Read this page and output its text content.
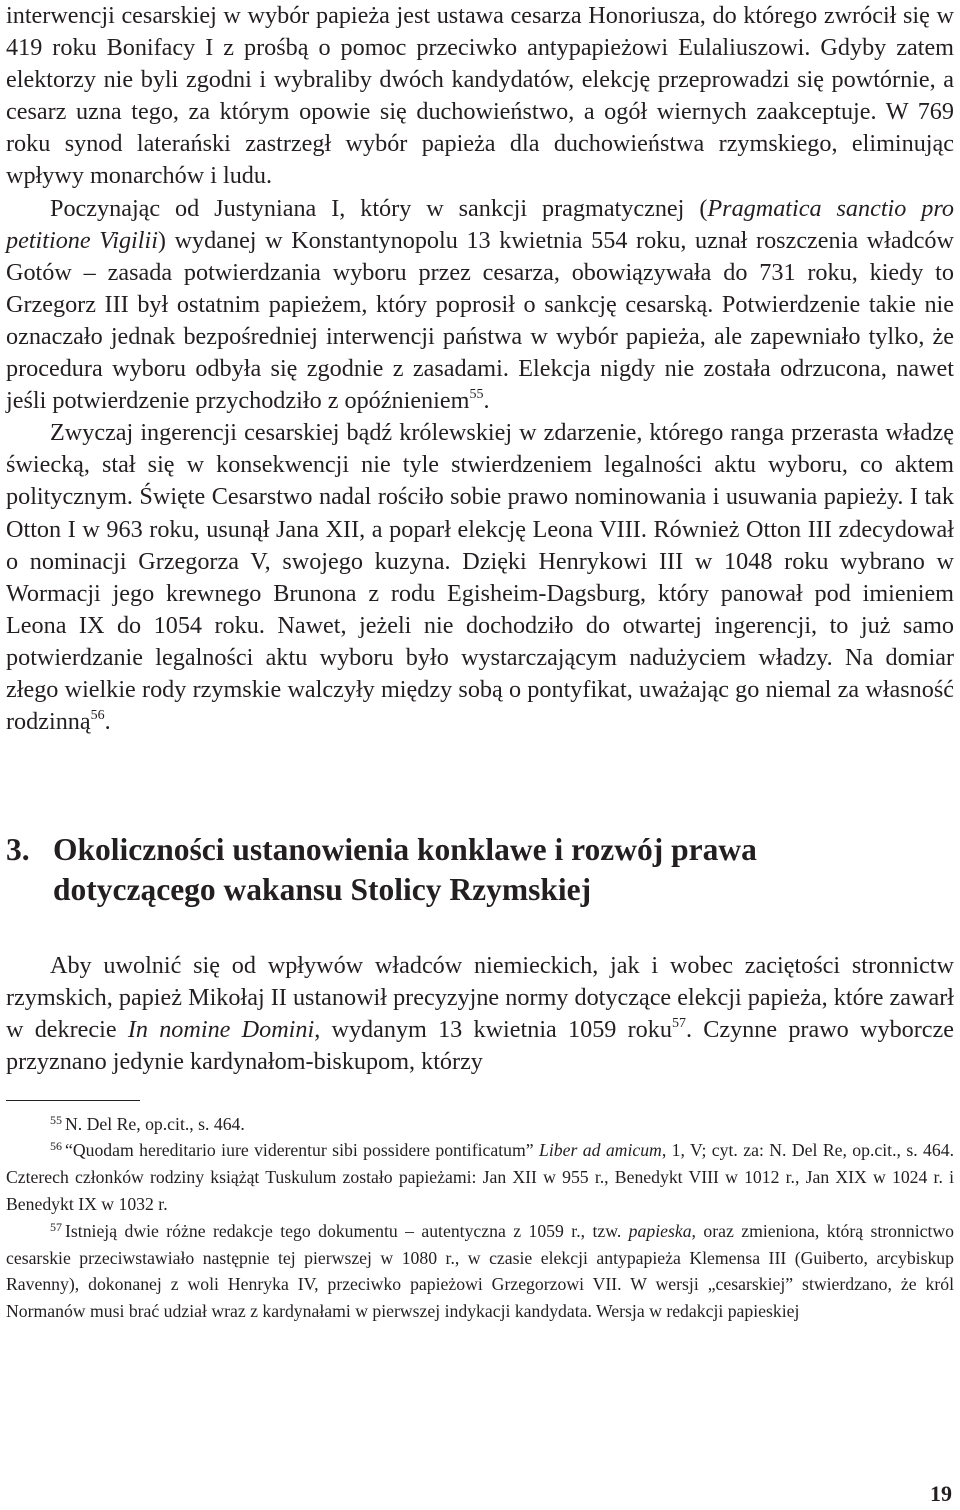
interwencji cesarskiej w wybór papieża jest ustawa cesarza Honoriusza, do którego zwrócił się w 419 roku Bonifacy I z prośbą o pomoc przeciwko antypapieżowi Eulaliuszowi. Gdyby zatem elektorzy nie byli zgodni i wybraliby dwóch kandydatów, elekcję przeprowadzi się powtórnie, a cesarz uzna tego, za którym opowie się duchowieństwo, a ogół wiernych zaakceptuje. W 769 roku synod laterański zastrzegł wybór papieża dla duchowieństwa rzymskiego, eliminując wpływy monarchów i ludu.

Poczynając od Justyniana I, który w sankcji pragmatycznej (Pragmatica sanctio pro petitione Vigilii) wydanej w Konstantynopolu 13 kwietnia 554 roku, uznał roszczenia władców Gotów – zasada potwierdzania wyboru przez cesarza, obowiązywała do 731 roku, kiedy to Grzegorz III był ostatnim papieżem, który poprosił o sankcję cesarską. Potwierdzenie takie nie oznaczało jednak bezpośredniej interwencji państwa w wybór papieża, ale zapewniało tylko, że procedura wyboru odbyła się zgodnie z zasadami. Elekcja nigdy nie została odrzucona, nawet jeśli potwierdzenie przychodziło z opóźnieniem$^{55}$.

Zwyczaj ingerencji cesarskiej bądź królewskiej w zdarzenie, którego ranga przerasta władzę świecką, stał się w konsekwencji nie tyle stwierdzeniem legalności aktu wyboru, co aktem politycznym. Święte Cesarstwo nadal rościło sobie prawo nominowania i usuwania papieży. I tak Otton I w 963 roku, usunął Jana XII, a poparł elekcję Leona VIII. Również Otton III zdecydował o nominacji Grzegorza V, swojego kuzyna. Dzięki Henrykowi III w 1048 roku wybrano w Wormacji jego krewnego Brunona z rodu Egisheim-Dagsburg, który panował pod imieniem Leona IX do 1054 roku. Nawet, jeżeli nie dochodziło do otwartej ingerencji, to już samo potwierdzanie legalności aktu wyboru było wystarczającym nadużyciem władzy. Na domiar złego wielkie rody rzymskie walczyły między sobą o pontyfikat, uważając go niemal za własność rodzinną$^{56}$.

3. Okoliczności ustanowienia konklawe i rozwój prawa
dotyczącego wakansu Stolicy Rzymskiej

Aby uwolnić się od wpływów władców niemieckich, jak i wobec zaciętości stronnictw rzymskich, papież Mikołaj II ustanowił precyzyjne normy dotyczące elekcji papieża, które zawarł w dekrecie In nomine Domini, wydanym 13 kwietnia 1059 roku$^{57}$. Czynne prawo wyborcze przyznano jedynie kardynałom-biskupom, którzy

$^{55}$ N. Del Re, op.cit., s. 464.

$^{56}$ “Quodam hereditario iure viderentur sibi possidere pontificatum” Liber ad amicum, 1, V; cyt. za: N. Del Re, op.cit., s. 464. Czterech członków rodziny książąt Tuskulum zostało papieżami: Jan XII w 955 r., Benedykt VIII w 1012 r., Jan XIX w 1024 r. i Benedykt IX w 1032 r.

$^{57}$ Istnieją dwie różne redakcje tego dokumentu – autentyczna z 1059 r., tzw. papieska, oraz zmieniona, którą stronnictwo cesarskie przeciwstawiało następnie tej pierwszej w 1080 r., w czasie elekcji antypapieża Klemensa III (Guiberto, arcybiskup Ravenny), dokonanej z woli Henryka IV, przeciwko papieżowi Grzegorzowi VII. W wersji „cesarskiej” stwierdzano, że król Normanów musi brać udział wraz z kardynałami w pierwszej indykacji kandydata. Wersja w redakcji papieskiej

19
